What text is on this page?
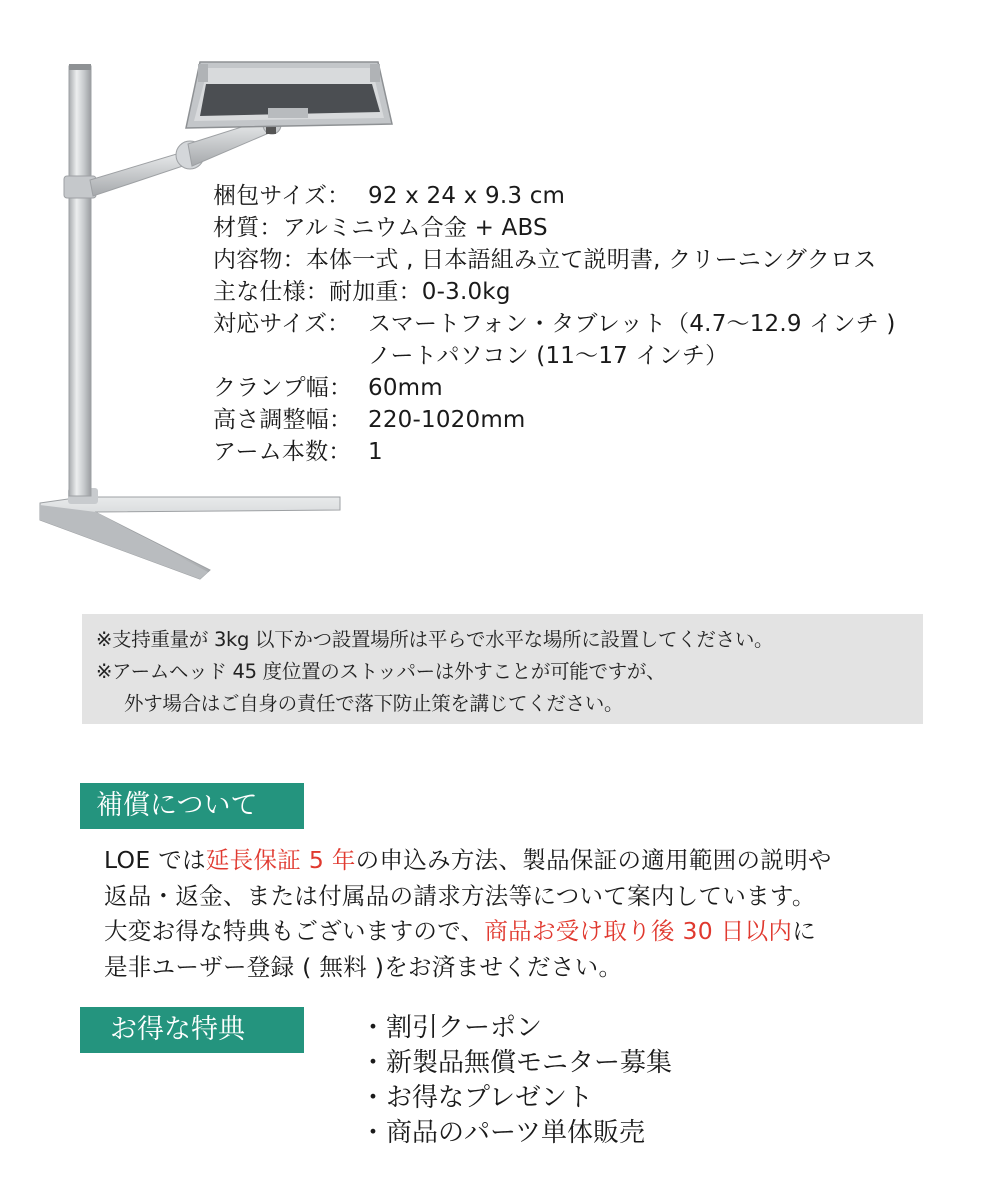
梱包サイズ： 92 x 24 x 9.3 cm
材質： アルミニウム合金 + ABS
内容物： 本体一式 , 日本語組み立て説明書, クリーニングクロス
主な仕様： 耐加重：0-3.0kg
対応サイズ： スマートフォン・タブレット（4.7〜12.9 インチ )
ノートパソコン (11〜17 インチ）
クランプ幅： 60mm
高さ調整幅： 220-1020mm
アーム本数： 1
※支持重量が 3kg 以下かつ設置場所は平らで水平な場所に設置してください。
※アームヘッド 45 度位置のストッパーは外すことが可能ですが、
外す場合はご自身の責任で落下防止策を講じてください。
補償について
LOE では延長保証 5 年の申込み方法、製品保証の適用範囲の説明や
返品・返金、または付属品の請求方法等について案内しています。
大変お得な特典もございますので、商品お受け取り後 30 日以内に
是非ユーザー登録 ( 無料 )をお済ませください。
お得な特典	・割引クーポン
・新製品無償モニター募集
・お得なプレゼント
・商品のパーツ単体販売
